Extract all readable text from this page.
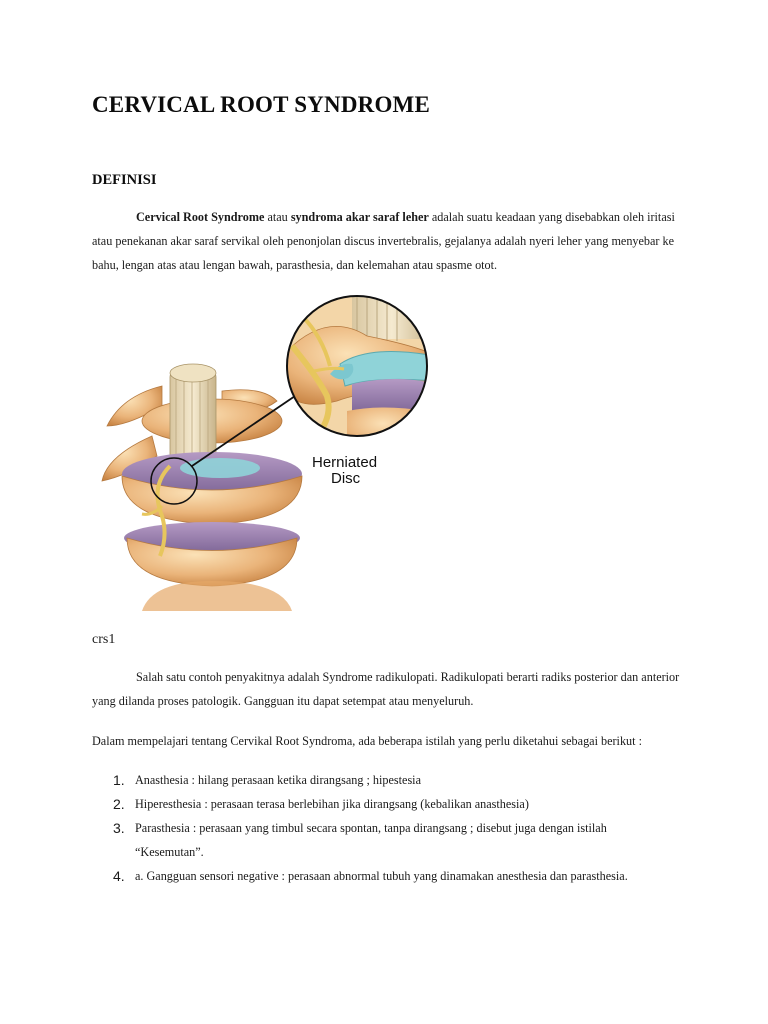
CERVICAL ROOT SYNDROME
DEFINISI

Cervical Root Syndrome atau syndroma akar saraf leher adalah suatu keadaan yang disebabkan oleh iritasi atau penekanan akar saraf servikal oleh penonjolan discus invertebralis, gejalanya adalah nyeri leher yang menyebar ke bahu, lengan atas atau lengan bawah, parasthesia, dan kelemahan atau spasme otot.

Herniated
Disc
crs1

Salah satu contoh penyakitnya adalah Syndrome radikulopati. Radikulopati berarti radiks posterior dan anterior yang dilanda proses patologik. Gangguan itu dapat setempat atau menyeluruh.

Dalam mempelajari tentang Cervikal Root Syndroma, ada beberapa istilah yang perlu diketahui sebagai berikut :

1. Anasthesia : hilang perasaan ketika dirangsang ; hipestesia
2. Hiperesthesia : perasaan terasa berlebihan jika dirangsang (kebalikan anasthesia)
3. Parasthesia : perasaan yang timbul secara spontan, tanpa dirangsang ; disebut juga dengan istilah
“Kesemutan”.
4. a. Gangguan sensori negative : perasaan abnormal tubuh yang dinamakan anesthesia dan parasthesia.
